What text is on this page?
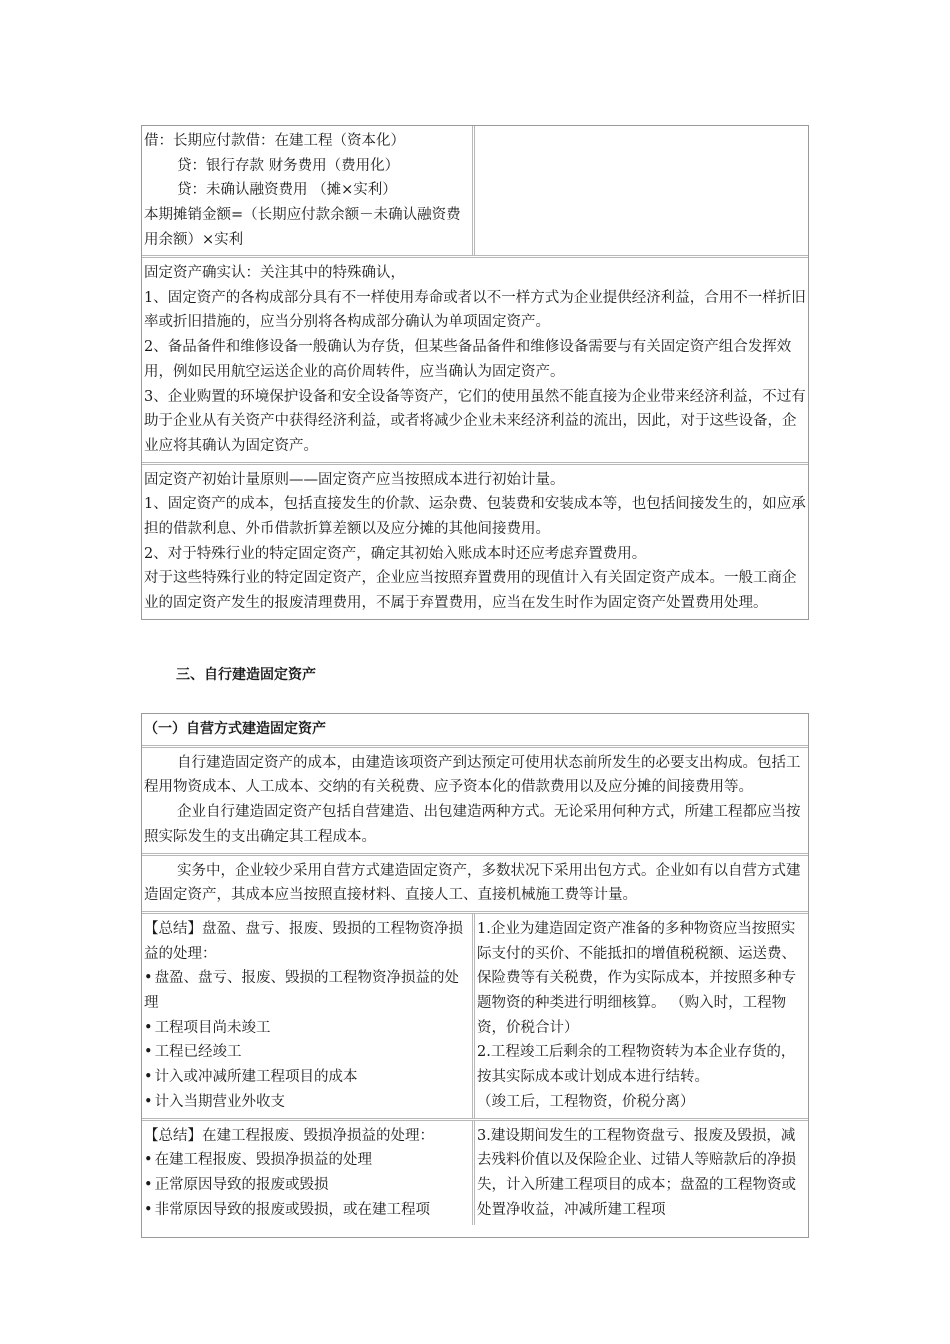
借：长期应付款借：在建工程（资本化）
贷：银行存款 财务费用（费用化）
贷：未确认融资费用 （摊×实利）
本期摊销金额=（长期应付款余额－未确认融资费用余额）×实利
固定资产确实认：关注其中的特殊确认，
1、固定资产的各构成部分具有不一样使用寿命或者以不一样方式为企业提供经济利益，合用不一样折旧率或折旧措施的，应当分别将各构成部分确认为单项固定资产。
2、备品备件和维修设备一般确认为存货，但某些备品备件和维修设备需要与有关固定资产组合发挥效用，例如民用航空运送企业的高价周转件，应当确认为固定资产。
3、企业购置的环境保护设备和安全设备等资产，它们的使用虽然不能直接为企业带来经济利益，不过有助于企业从有关资产中获得经济利益，或者将减少企业未来经济利益的流出，因此，对于这些设备，企业应将其确认为固定资产。
固定资产初始计量原则——固定资产应当按照成本进行初始计量。
1、固定资产的成本，包括直接发生的价款、运杂费、包装费和安装成本等，也包括间接发生的，如应承担的借款利息、外币借款折算差额以及应分摊的其他间接费用。
2、对于特殊行业的特定固定资产，确定其初始入账成本时还应考虑弃置费用。
对于这些特殊行业的特定固定资产，企业应当按照弃置费用的现值计入有关固定资产成本。一般工商企业的固定资产发生的报废清理费用，不属于弃置费用，应当在发生时作为固定资产处置费用处理。
三、自行建造固定资产
（一）自营方式建造固定资产
自行建造固定资产的成本，由建造该项资产到达预定可使用状态前所发生的必要支出构成。包括工程用物资成本、人工成本、交纳的有关税费、应予资本化的借款费用以及应分摊的间接费用等。
企业自行建造固定资产包括自营建造、出包建造两种方式。无论采用何种方式，所建工程都应当按照实际发生的支出确定其工程成本。
实务中，企业较少采用自营方式建造固定资产，多数状况下采用出包方式。企业如有以自营方式建造固定资产，其成本应当按照直接材料、直接人工、直接机械施工费等计量。
【总结】盘盈、盘亏、报废、毁损的工程物资净损益的处理：
• 盘盈、盘亏、报废、毁损的工程物资净损益的处理
• 工程项目尚未竣工
• 工程已经竣工
• 计入或冲减所建工程项目的成本
• 计入当期营业外收支
1.企业为建造固定资产准备的多种物资应当按照实际支付的买价、不能抵扣的增值税税额、运送费、保险费等有关税费，作为实际成本，并按照多种专题物资的种类进行明细核算。 （购入时，工程物资，价税合计）
2.工程竣工后剩余的工程物资转为本企业存货的，按其实际成本或计划成本进行结转。
（竣工后，工程物资，价税分离）
【总结】在建工程报废、毁损净损益的处理：
• 在建工程报废、毁损净损益的处理
• 正常原因导致的报废或毁损
• 非常原因导致的报废或毁损，或在建工程项
3.建设期间发生的工程物资盘亏、报废及毁损，减去残料价值以及保险企业、过错人等赔款后的净损失，计入所建工程项目的成本；盘盈的工程物资或处置净收益，冲减所建工程项
